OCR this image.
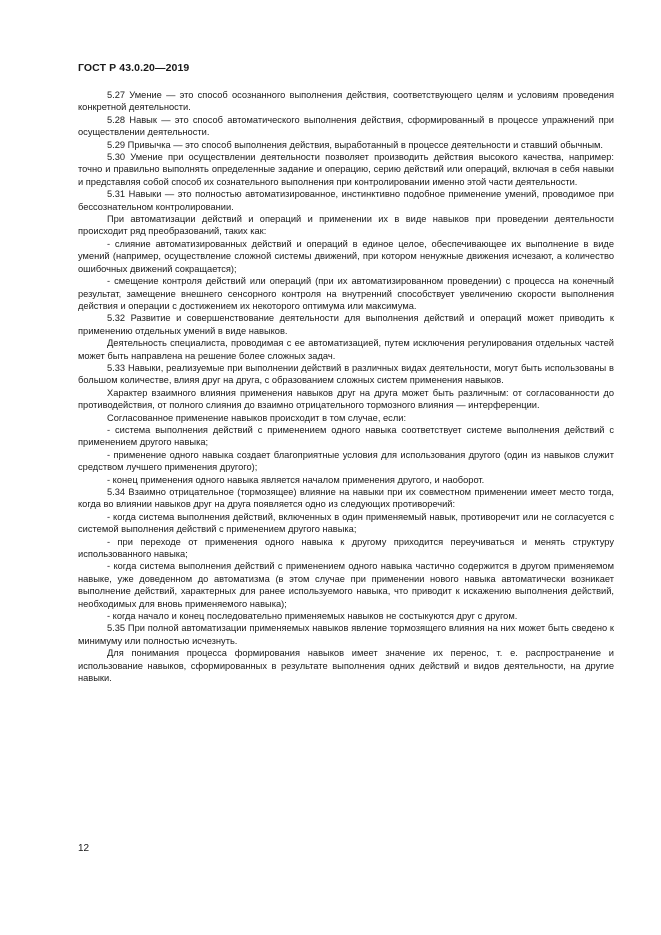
ГОСТ Р 43.0.20—2019

5.27 Умение — это способ осознанного выполнения действия, соответствующего целям и условиям проведения конкретной деятельности.

5.28 Навык — это способ автоматического выполнения действия, сформированный в процессе упражнений при осуществлении деятельности.

5.29 Привычка — это способ выполнения действия, выработанный в процессе деятельности и ставший обычным.

5.30 Умение при осуществлении деятельности позволяет производить действия высокого качества, например: точно и правильно выполнять определенные задание и операцию, серию действий или операций, включая в себя навыки и представляя собой способ их сознательного выполнения при контролировании именно этой части деятельности.

5.31 Навыки — это полностью автоматизированное, инстинктивно подобное применение умений, проводимое при бессознательном контролировании.

При автоматизации действий и операций и применении их в виде навыков при проведении деятельности происходит ряд преобразований, таких как:

- слияние автоматизированных действий и операций в единое целое, обеспечивающее их выполнение в виде умений (например, осуществление сложной системы движений, при котором ненужные движения исчезают, а количество ошибочных движений сокращается);

- смещение контроля действий или операций (при их автоматизированном проведении) с процесса на конечный результат, замещение внешнего сенсорного контроля на внутренний способствует увеличению скорости выполнения действия и операции с достижением их некоторого оптимума или максимума.

5.32 Развитие и совершенствование деятельности для выполнения действий и операций может приводить к применению отдельных умений в виде навыков.

Деятельность специалиста, проводимая с ее автоматизацией, путем исключения регулирования отдельных частей может быть направлена на решение более сложных задач.

5.33 Навыки, реализуемые при выполнении действий в различных видах деятельности, могут быть использованы в большом количестве, влияя друг на друга, с образованием сложных систем применения навыков.

Характер взаимного влияния применения навыков друг на друга может быть различным: от согласованности до противодействия, от полного слияния до взаимно отрицательного тормозного влияния — интерференции.

Согласованное применение навыков происходит в том случае, если:

- система выполнения действий с применением одного навыка соответствует системе выполнения действий с применением другого навыка;

- применение одного навыка создает благоприятные условия для использования другого (один из навыков служит средством лучшего применения другого);

- конец применения одного навыка является началом применения другого, и наоборот.

5.34 Взаимно отрицательное (тормозящее) влияние на навыки при их совместном применении имеет место тогда, когда во влиянии навыков друг на друга появляется одно из следующих противоречий:

- когда система выполнения действий, включенных в один применяемый навык, противоречит или не согласуется с системой выполнения действий с применением другого навыка;

- при переходе от применения одного навыка к другому приходится переучиваться и менять структуру использованного навыка;

- когда система выполнения действий с применением одного навыка частично содержится в другом применяемом навыке, уже доведенном до автоматизма (в этом случае при применении нового навыка автоматически возникает выполнение действий, характерных для ранее используемого навыка, что приводит к искажению выполнения действий, необходимых для вновь применяемого навыка);

- когда начало и конец последовательно применяемых навыков не состыкуются друг с другом.

5.35 При полной автоматизации применяемых навыков явление тормозящего влияния на них может быть сведено к минимуму или полностью исчезнуть.

Для понимания процесса формирования навыков имеет значение их перенос, т. е. распространение и использование навыков, сформированных в результате выполнения одних действий и видов деятельности, на другие навыки.

12
